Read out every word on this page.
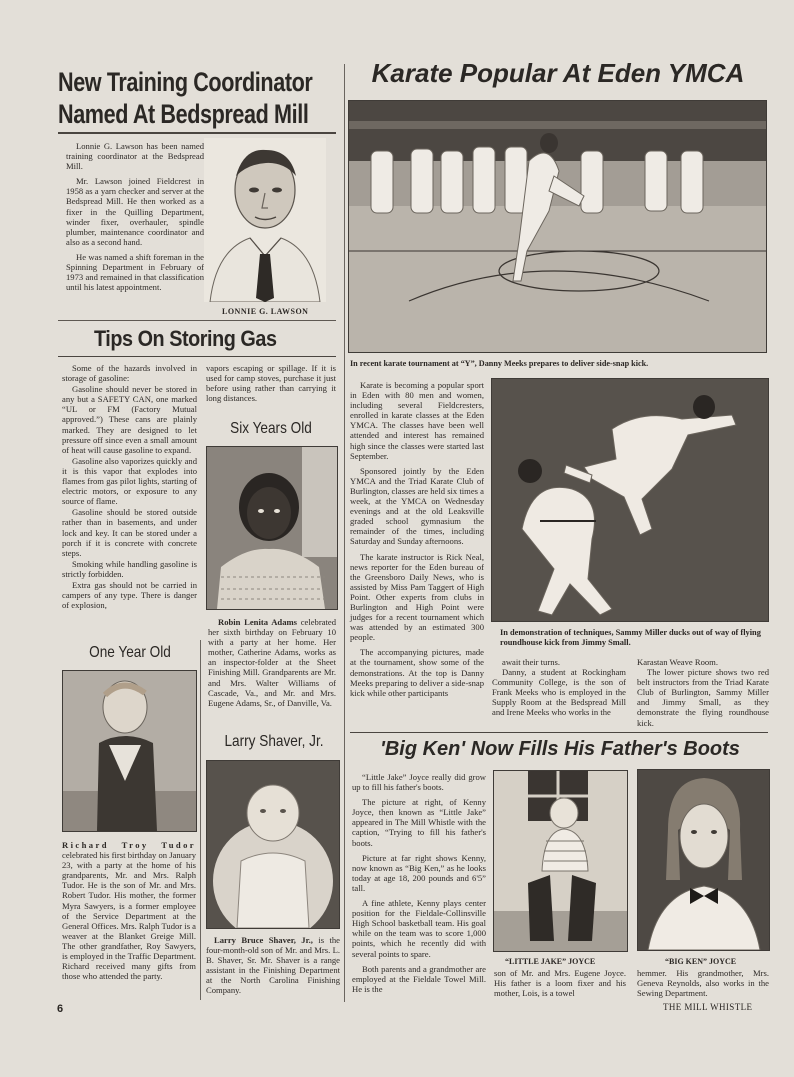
New Training Coordinator
Named At Bedspread Mill

Lonnie G. Lawson has been named training coordinator at the Bedspread Mill.

Mr. Lawson joined Fieldcrest in 1958 as a yarn checker and server at the Bedspread Mill. He then worked as a fixer in the Quilling Department, winder fixer, overhauler, spindle plumber, maintenance coordinator and also as a second hand.

He was named a shift foreman in the Spinning Department in February of 1973 and remained in that classification until his latest appointment.

LONNIE G. LAWSON
Tips On Storing Gas

Some of the hazards involved in storage of gasoline:

Gasoline should never be stored in any but a SAFETY CAN, one marked “UL or FM (Factory Mutual approved.”) These cans are plainly marked. They are designed to let pressure off since even a small amount of heat will cause gasoline to expand.

Gasoline also vaporizes quickly and it is this vapor that explodes into flames from gas pilot lights, starting of electric motors, or exposure to any source of flame.

Gasoline should be stored outside rather than in basements, and under lock and key. It can be stored under a porch if it is concrete with concrete steps.

Smoking while handling gasoline is strictly forbidden.

Extra gas should not be carried in campers of any type. There is danger of explosion,

vapors escaping or spillage. If it is used for camp stoves, purchase it just before using rather than carrying it long distances.

Six Years Old
Robin Lenita Adams celebrated her sixth birthday on February 10 with a party at her home. Her mother, Catherine Adams, works as an inspector-folder at the Sheet Finishing Mill. Grandparents are Mr. and Mrs. Walter Williams of Cascade, Va., and Mr. and Mrs. Eugene Adams, Sr., of Danville, Va.
One Year Old
Richard Troy Tudor celebrated his first birthday on January 23, with a party at the home of his grandparents, Mr. and Mrs. Ralph Tudor. He is the son of Mr. and Mrs. Robert Tudor. His mother, the former Myra Sawyers, is a former employee of the Service Department at the General Offices. Mrs. Ralph Tudor is a weaver at the Blanket Greige Mill. The other grandfather, Roy Sawyers, is employed in the Traffic Department. Richard received many gifts from those who attended the party.
Larry Shaver, Jr.
Larry Bruce Shaver, Jr., is the four-month-old son of Mr. and Mrs. L. B. Shaver, Sr. Mr. Shaver is a range assistant in the Finishing Department at the North Carolina Finishing Company.
Karate Popular At Eden YMCA
In recent karate tournament at “Y”, Danny Meeks prepares to deliver side-snap kick.

Karate is becoming a popular sport in Eden with 80 men and women, including several Fieldcresters, enrolled in karate classes at the Eden YMCA. The classes have been well attended and interest has remained high since the classes were started last September.

Sponsored jointly by the Eden YMCA and the Triad Karate Club of Burlington, classes are held six times a week, at the YMCA on Wednesday evenings and at the old Leaksville graded school gymnasium the remainder of the times, including Saturday and Sunday afternoons.

The karate instructor is Rick Neal, news reporter for the Eden bureau of the Greensboro Daily News, who is assisted by Miss Pam Taggert of High Point. Other experts from clubs in Burlington and High Point were judges for a recent tournament which was attended by an estimated 300 people.

The accompanying pictures, made at the tournament, show some of the demonstrations. At the top is Danny Meeks preparing to deliver a side-snap kick while other participants

In demonstration of techniques, Sammy Miller ducks out of way of flying roundhouse kick from Jimmy Small.

await their turns.

Danny, a student at Rockingham Community College, is the son of Frank Meeks who is employed in the Supply Room at the Bedspread Mill and Irene Meeks who works in the

Karastan Weave Room.

The lower picture shows two red belt instructors from the Triad Karate Club of Burlington, Sammy Miller and Jimmy Small, as they demonstrate the flying roundhouse kick.

'Big Ken' Now Fills His Father's Boots

“Little Jake” Joyce really did grow up to fill his father's boots.

The picture at right, of Kenny Joyce, then known as “Little Jake” appeared in The Mill Whistle with the caption, “Trying to fill his father's boots.

Picture at far right shows Kenny, now known as “Big Ken,” as he looks today at age 18, 200 pounds and 6'5” tall.

A fine athlete, Kenny plays center position for the Fieldale-Collinsville High School basketball team. His goal while on the team was to score 1,000 points, which he recently did with several points to spare.

Both parents and a grandmother are employed at the Fieldale Towel Mill. He is the

“LITTLE JAKE” JOYCE	“BIG KEN” JOYCE

son of Mr. and Mrs. Eugene Joyce. His father is a loom fixer and his mother, Lois, is a towel

hemmer. His grandmother, Mrs. Geneva Reynolds, also works in the Sewing Department.

6	THE MILL WHISTLE
